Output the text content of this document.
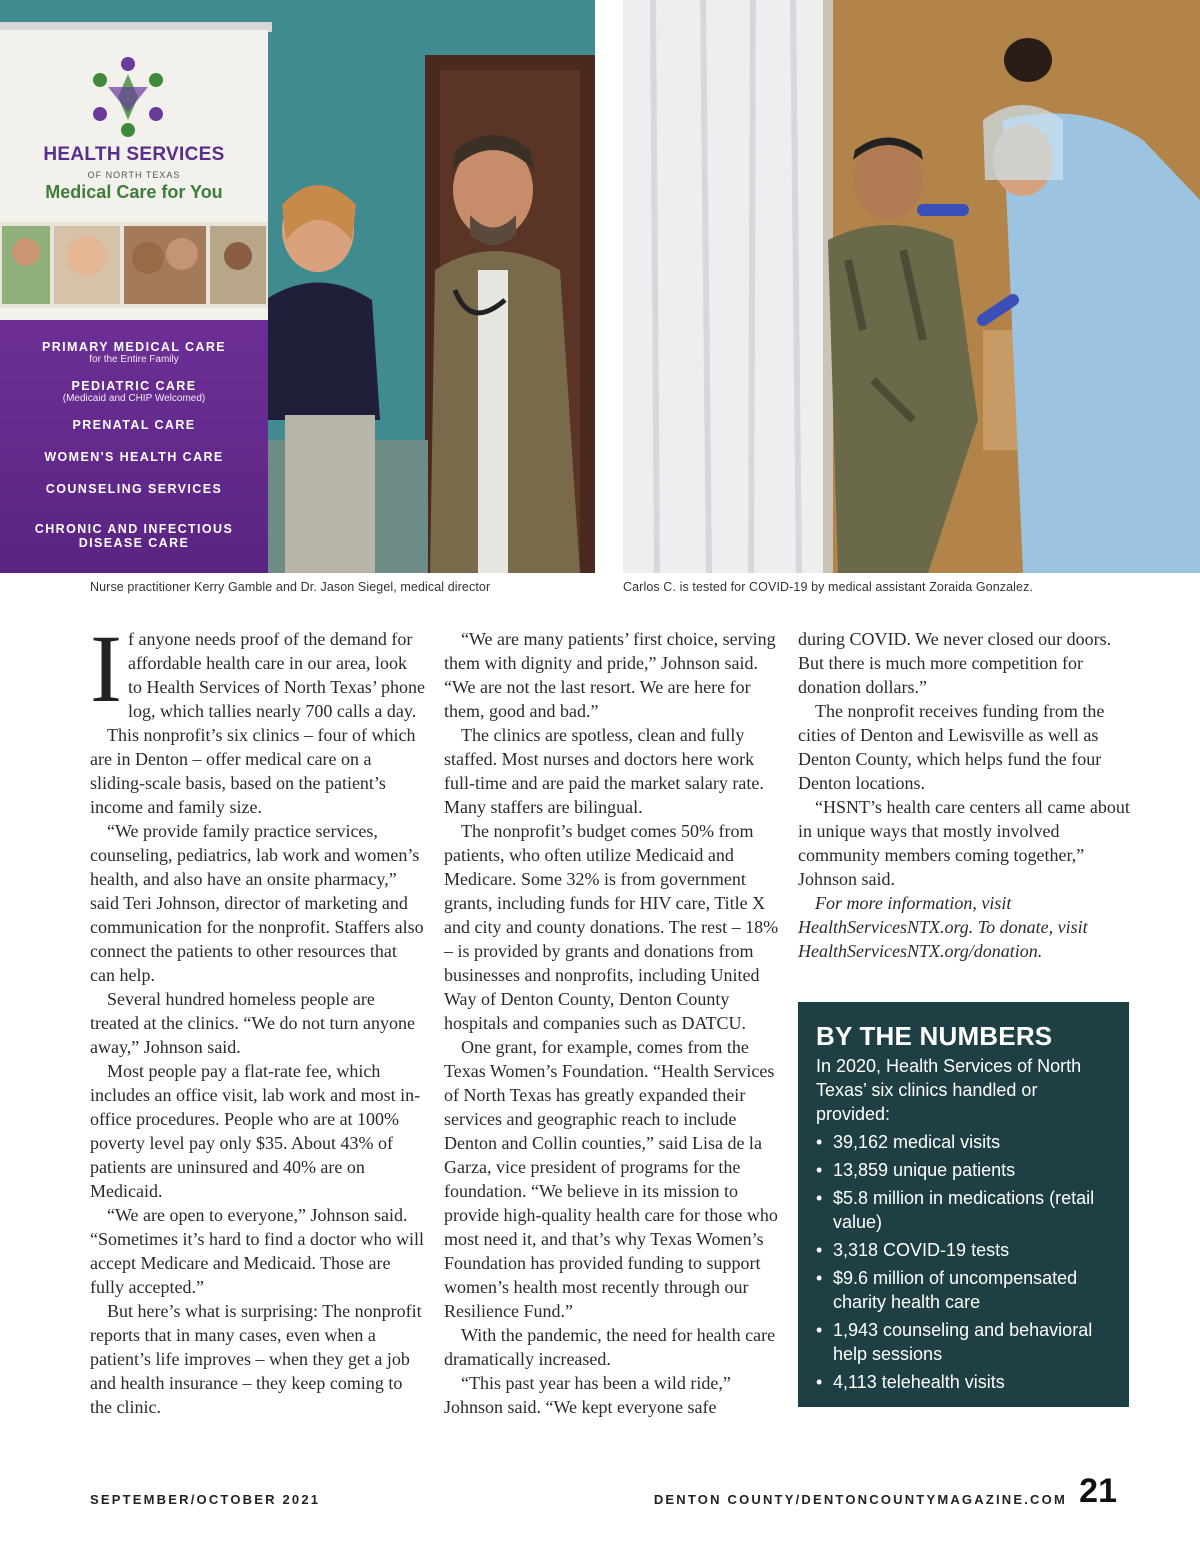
HEALTH SERVICES
OF NORTH TEXAS
Medical Care for You
PRIMARY MEDICAL CARE
for the Entire Family
PEDIATRIC CARE
(Medicaid and CHIP Welcomed)
PRENATAL CARE
WOMEN'S HEALTH CARE
COUNSELING SERVICES
CHRONIC AND INFECTIOUS
DISEASE CARE
Nurse practitioner Kerry Gamble and Dr. Jason Siegel, medical director	Carlos C. is tested for COVID-19 by medical assistant Zoraida Gonzalez.
I f anyone needs proof of the demand for affordable health care in our area, look to Health Services of North Texas’ phone log, which tallies nearly 700 calls a day.

This nonprofit’s six clinics – four of which are in Denton – offer medical care on a sliding-scale basis, based on the patient’s income and family size.

“We provide family practice services, counseling, pediatrics, lab work and women’s health, and also have an onsite pharmacy,” said Teri Johnson, director of marketing and communication for the nonprofit. Staffers also connect the patients to other resources that can help.

Several hundred homeless people are treated at the clinics. “We do not turn anyone away,” Johnson said.

Most people pay a flat-rate fee, which includes an office visit, lab work and most in-office procedures. People who are at 100% poverty level pay only $35. About 43% of patients are uninsured and 40% are on Medicaid.

“We are open to everyone,” Johnson said. “Sometimes it’s hard to find a doctor who will accept Medicare and Medicaid. Those are fully accepted.”

But here’s what is surprising: The nonprofit reports that in many cases, even when a patient’s life improves – when they get a job and health insurance – they keep coming to the clinic.

“We are many patients’ first choice, serving them with dignity and pride,” Johnson said. “We are not the last resort. We are here for them, good and bad.”

The clinics are spotless, clean and fully staffed. Most nurses and doctors here work full-time and are paid the market salary rate. Many staffers are bilingual.

The nonprofit’s budget comes 50% from patients, who often utilize Medicaid and Medicare. Some 32% is from government grants, including funds for HIV care, Title X and city and county donations. The rest – 18% – is provided by grants and donations from businesses and nonprofits, including United Way of Denton County, Denton County hospitals and companies such as DATCU.

One grant, for example, comes from the Texas Women’s Foundation. “Health Services of North Texas has greatly expanded their services and geographic reach to include Denton and Collin counties,” said Lisa de la Garza, vice president of programs for the foundation. “We believe in its mission to provide high-quality health care for those who most need it, and that’s why Texas Women’s Foundation has provided funding to support women’s health most recently through our Resilience Fund.”

With the pandemic, the need for health care dramatically increased.

“This past year has been a wild ride,” Johnson said. “We kept everyone safe

during COVID. We never closed our doors. But there is much more competition for donation dollars.”

The nonprofit receives funding from the cities of Denton and Lewisville as well as Denton County, which helps fund the four Denton locations.

“HSNT’s health care centers all came about in unique ways that mostly involved community members coming together,” Johnson said.

For more information, visit HealthServicesNTX.org. To donate, visit HealthServicesNTX.org/donation.

BY THE NUMBERS
In 2020, Health Services of North Texas’ six clinics handled or provided:
• 39,162 medical visits
• 13,859 unique patients
• $5.8 million in medications (retail value)
• 3,318 COVID-19 tests
• $9.6 million of uncompensated charity health care
• 1,943 counseling and behavioral help sessions
• 4,113 telehealth visits
SEPTEMBER/OCTOBER 2021	DENTON COUNTY/DENTONCOUNTYMAGAZINE.COM 21
